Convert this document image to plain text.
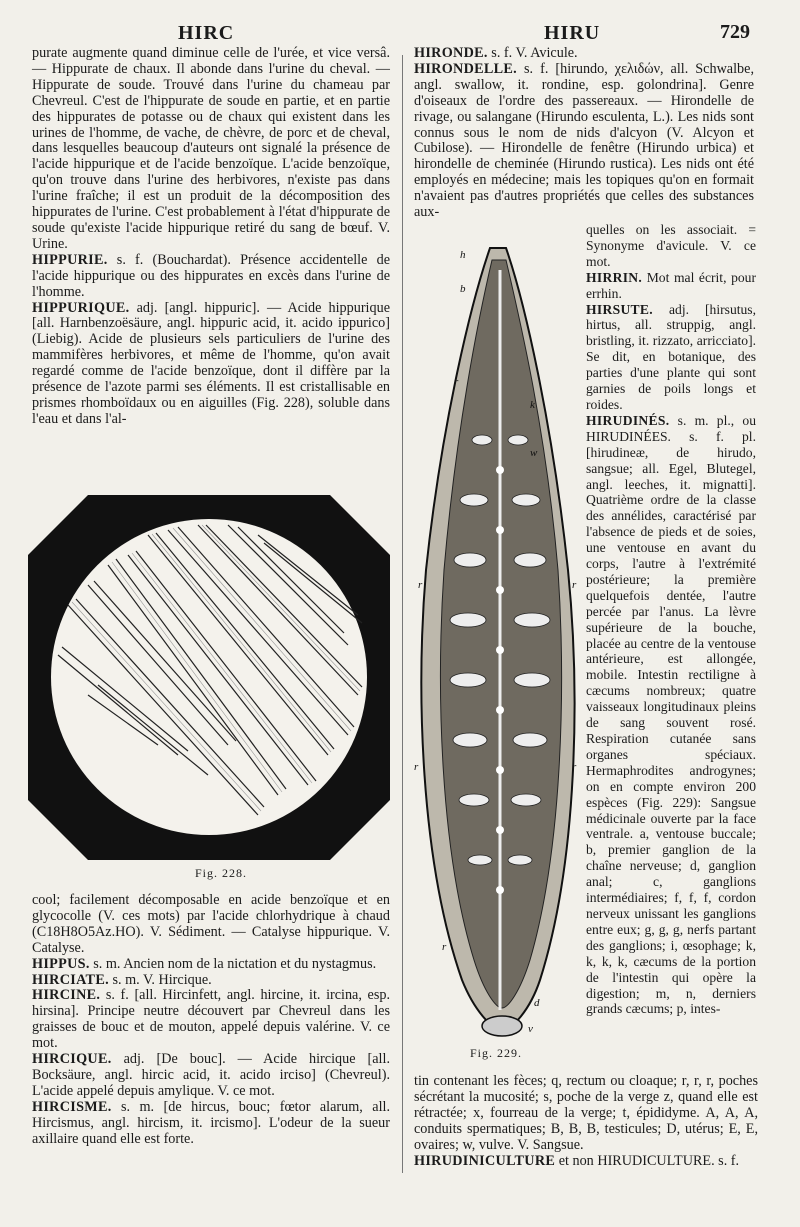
HIRC	HIRU	729

purate augmente quand diminue celle de l'urée, et vice versâ. — Hippurate de chaux. Il abonde dans l'urine du cheval. — Hippurate de soude. Trouvé dans l'urine du chameau par Chevreul. C'est de l'hippurate de soude en partie, et en partie des hippurates de potasse ou de chaux qui existent dans les urines de l'homme, de vache, de chèvre, de porc et de cheval, dans lesquelles beaucoup d'auteurs ont signalé la présence de l'acide hippurique et de l'acide benzoïque. L'acide benzoïque, qu'on trouve dans l'urine des herbivores, n'existe pas dans l'urine fraîche; il est un produit de la décomposition des hippurates de l'urine. C'est probablement à l'état d'hippurate de soude qu'existe l'acide hippurique retiré du sang de bœuf. V. Urine.

HIPPURIE. s. f. (Bouchardat). Présence accidentelle de l'acide hippurique ou des hippurates en excès dans l'urine de l'homme.

HIPPURIQUE. adj. [angl. hippuric]. — Acide hippurique [all. Harnbenzoësäure, angl. hippuric acid, it. acido ippurico] (Liebig). Acide de plusieurs sels particuliers de l'urine des mammifères herbivores, et même de l'homme, qu'on avait regardé comme de l'acide benzoïque, dont il diffère par la présence de l'azote parmi ses éléments. Il est cristallisable en prismes rhomboïdaux ou en aiguilles (Fig. 228), soluble dans l'eau et dans l'al-

Fig. 228.

cool; facilement décomposable en acide benzoïque et en glycocolle (V. ces mots) par l'acide chlorhydrique à chaud (C18H8O5Az.HO). V. Sédiment. — Catalyse hippurique. V. Catalyse.

HIPPUS. s. m. Ancien nom de la nictation et du nystagmus.

HIRCIATE. s. m. V. Hircique.

HIRCINE. s. f. [all. Hircinfett, angl. hircine, it. ircina, esp. hirsina]. Principe neutre découvert par Chevreul dans les graisses de bouc et de mouton, appelé depuis valérine. V. ce mot.

HIRCIQUE. adj. [De bouc]. — Acide hircique [all. Bocksäure, angl. hircic acid, it. acido irciso] (Chevreul). L'acide appelé depuis amylique. V. ce mot.

HIRCISME. s. m. [de hircus, bouc; fœtor alarum, all. Hircismus, angl. hircism, it. ircismo]. L'odeur de la sueur axillaire quand elle est forte.

HIRONDE. s. f. V. Avicule.

HIRONDELLE. s. f. [hirundo, χελιδών, all. Schwalbe, angl. swallow, it. rondine, esp. golondrina]. Genre d'oiseaux de l'ordre des passereaux. — Hirondelle de rivage, ou salangane (Hirundo esculenta, L.). Les nids sont connus sous le nom de nids d'alcyon (V. Alcyon et Cubilose). — Hirondelle de fenêtre (Hirundo urbica) et hirondelle de cheminée (Hirundo rustica). Les nids ont été employés en médecine; mais les topiques qu'on en formait n'avaient pas d'autres propriétés que celles des substances aux-

h
b
r
k
w
r	r
r	r
r
d
v
Fig. 229.

quelles on les associait. = Synonyme d'avicule. V. ce mot.

HIRRIN. Mot mal écrit, pour errhin.

HIRSUTE. adj. [hirsutus, hirtus, all. struppig, angl. bristling, it. rizzato, arricciato]. Se dit, en botanique, des parties d'une plante qui sont garnies de poils longs et roides.

HIRUDINÉS. s. m. pl., ou HIRUDINÉES. s. f. pl. [hirudineæ, de hirudo, sangsue; all. Egel, Blutegel, angl. leeches, it. mignatti]. Quatrième ordre de la classe des annélides, caractérisé par l'absence de pieds et de soies, une ventouse en avant du corps, l'autre à l'extrémité postérieure; la première quelquefois dentée, l'autre percée par l'anus. La lèvre supérieure de la bouche, placée au centre de la ventouse antérieure, est allongée, mobile. Intestin rectiligne à cæcums nombreux; quatre vaisseaux longitudinaux pleins de sang souvent rosé. Respiration cutanée sans organes spéciaux. Hermaphrodites androgynes; on en compte environ 200 espèces (Fig. 229): Sangsue médicinale ouverte par la face ventrale. a, ventouse buccale; b, premier ganglion de la chaîne nerveuse; d, ganglion anal; c, ganglions intermédiaires; f, f, f, cordon nerveux unissant les ganglions entre eux; g, g, g, nerfs partant des ganglions; i, œsophage; k, k, k, k, cæcums de la portion de l'intestin qui opère la digestion; m, n, derniers grands cæcums; p, intes-

tin contenant les fèces; q, rectum ou cloaque; r, r, r, poches sécrétant la mucosité; s, poche de la verge z, quand elle est rétractée; x, fourreau de la verge; t, épididyme. A, A, A, conduits spermatiques; B, B, B, testicules; D, utérus; E, E, ovaires; w, vulve. V. Sangsue.

HIRUDINICULTURE et non HIRUDICULTURE. s. f.
